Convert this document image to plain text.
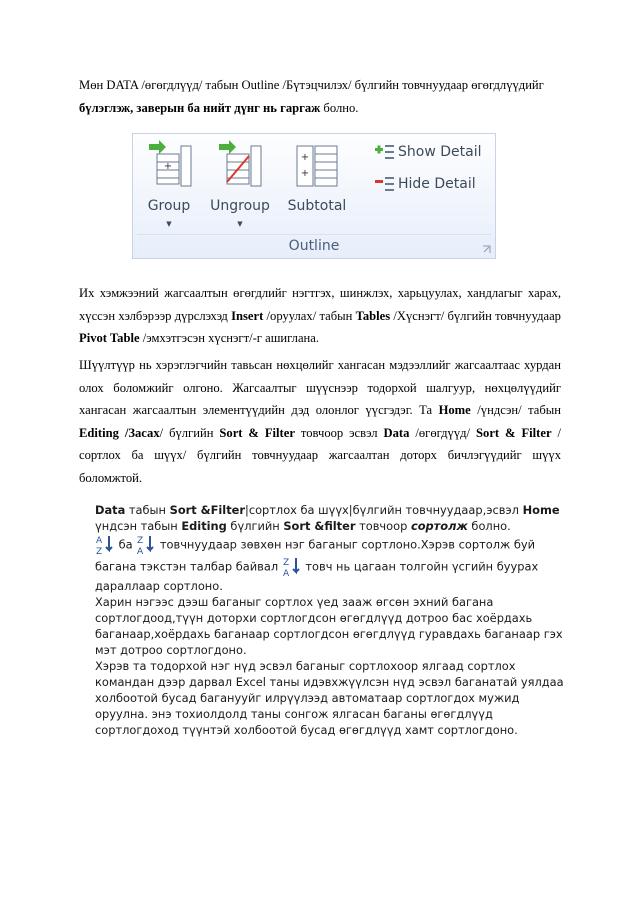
Мөн DATA /өгөгдлүүд/ табын Outline /Бүтэцчилэх/ бүлгийн товчнуудаар өгөгдлүүдийг
бүлэглэж, заверын ба нийт дүнг нь гаргаж болно.
+
Group
▼
Ungroup
▼
+
+
Subtotal
Show Detail
Hide Detail
Outline
Их хэмжээний жагсаалтын өгөгдлийг нэгтгэх, шинжлэх, харьцуулах, хандлагыг харах, хүссэн хэлбэрээр дүрслэхэд Insert /оруулах/ табын Tables /Хүснэгт/ бүлгийн товчнуудаар Pivot Table /эмхэтгэсэн хүснэгт/-г ашиглана.
Шүүлтүүр нь хэрэглэгчийн тавьсан нөхцөлийг хангасан мэдээллийг жагсаалтаас хурдан олох боломжийг олгоно. Жагсаалтыг шүүснээр тодорхой шалгуур, нөхцөлүүдийг хангасан жагсаалтын элементүүдийн дэд олонлог үүсгэдэг. Та Home /үндсэн/ табын Editing /Засах/ бүлгийн Sort & Filter товчоор эсвэл Data /өгөгдүүд/ Sort & Filter /сортлох ба шүүх/ бүлгийн товчнуудаар жагсаалтан доторх бичлэгүүдийг шүүх боломжтой.
Data табын Sort &Filter|сортлох ба шүүх|бүлгийн товчнуудаар,эсвэл Home үндсэн табын Editing бүлгийн Sort &filter товчоор сортолж болно.
A
Z
ба Z
A
товчнуудаар зөвхөн нэг баганыг сортлоно.Хэрэв сортолж буй багана тэкстэн талбар байвал Z
A
товч нь цагаан толгойн үсгийн буурах дараллаар сортлоно.
Харин нэгээс дээш баганыг сортлох үед зааж өгсөн эхний багана сортлогдоод,түүн доторхи сортлогдсон өгөгдлүүд дотроо бас хоёрдахь баганаар,хоёрдахь баганаар сортлогдсон өгөгдлүүд гуравдахь баганаар гэх мэт дотроо сортлогдоно.
Хэрэв та тодорхой нэг нүд эсвэл баганыг сортлохоор ялгаад сортлох командан дээр дарвал Excel таны идэвхжүүлсэн нүд эсвэл баганатай уялдаа холбоотой бусад баганууйг илрүүлээд автоматаар сортлогдох мужид оруулна. энэ тохиолдолд таны сонгож ялгасан баганы өгөгдлүүд сортлогдоход түүнтэй холбоотой бусад өгөгдлүүд хамт сортлогдоно.
